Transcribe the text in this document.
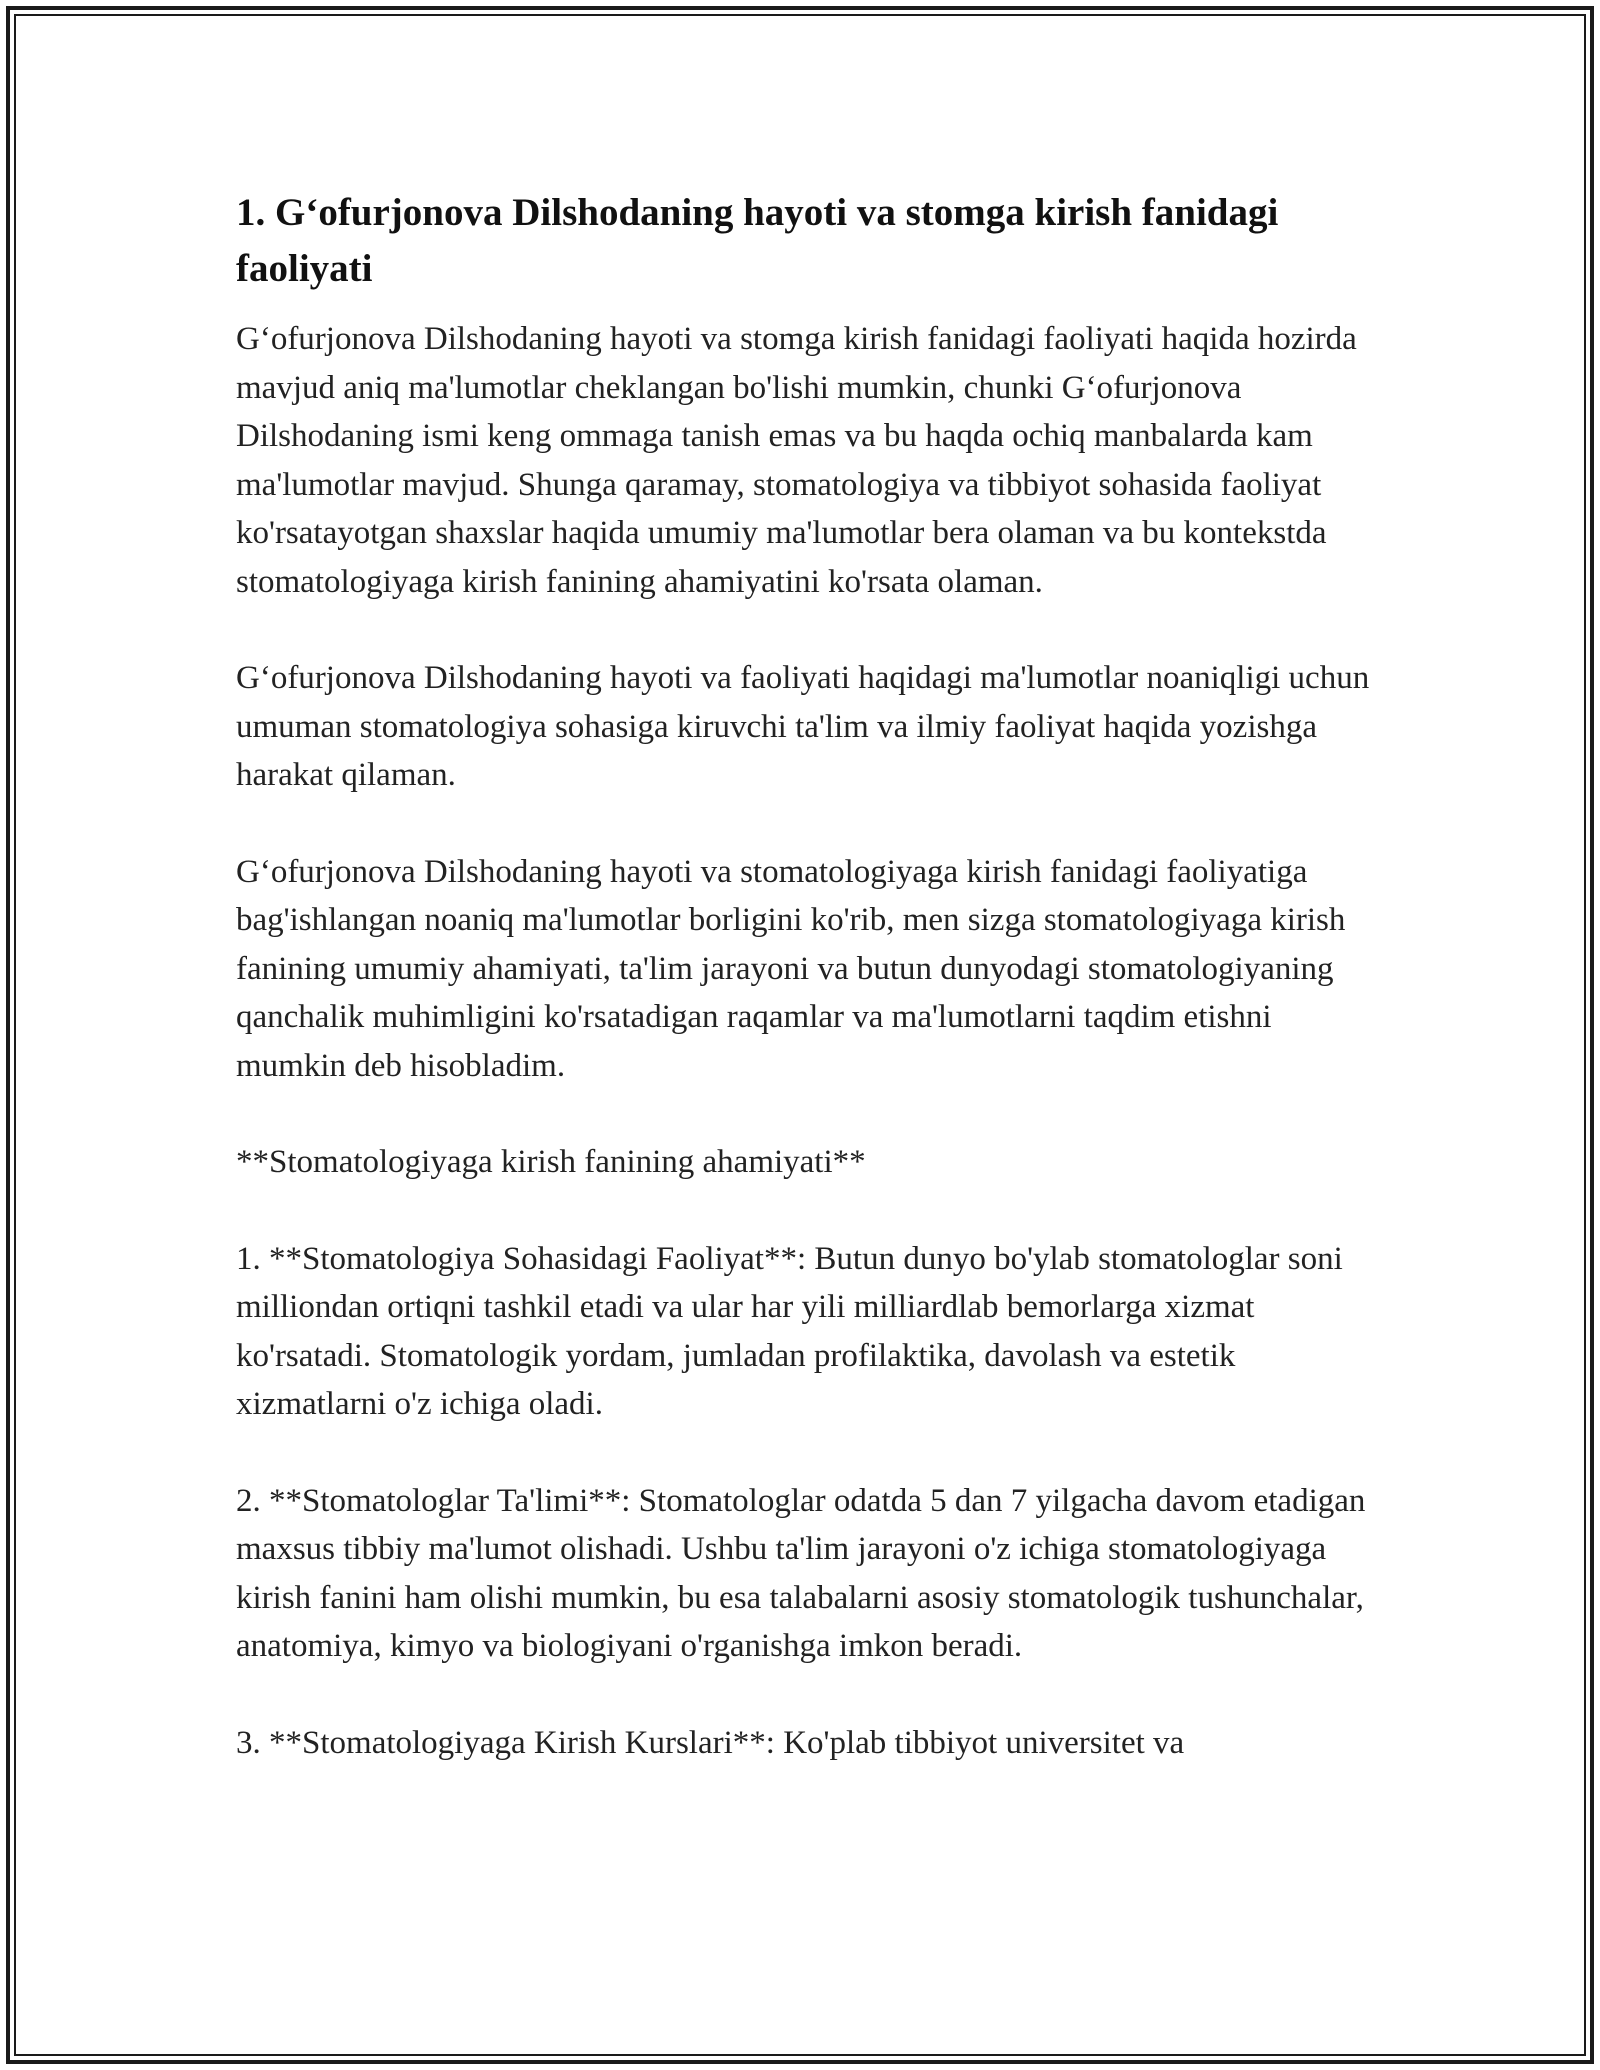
1. G‘ofurjonova Dilshodaning hayoti va stomga kirish fanidagi faoliyati

G‘ofurjonova Dilshodaning hayoti va stomga kirish fanidagi faoliyati haqida hozirda mavjud aniq ma'lumotlar cheklangan bo'lishi mumkin, chunki G‘ofurjonova Dilshodaning ismi keng ommaga tanish emas va bu haqda ochiq manbalarda kam ma'lumotlar mavjud. Shunga qaramay, stomatologiya va tibbiyot sohasida faoliyat ko'rsatayotgan shaxslar haqida umumiy ma'lumotlar bera olaman va bu kontekstda stomatologiyaga kirish fanining ahamiyatini ko'rsata olaman.

G‘ofurjonova Dilshodaning hayoti va faoliyati haqidagi ma'lumotlar noaniqligi uchun umuman stomatologiya sohasiga kiruvchi ta'lim va ilmiy faoliyat haqida yozishga harakat qilaman.

G‘ofurjonova Dilshodaning hayoti va stomatologiyaga kirish fanidagi faoliyatiga bag'ishlangan noaniq ma'lumotlar borligini ko'rib, men sizga stomatologiyaga kirish fanining umumiy ahamiyati, ta'lim jarayoni va butun dunyodagi stomatologiyaning qanchalik muhimligini ko'rsatadigan raqamlar va ma'lumotlarni taqdim etishni mumkin deb hisobladim.

**Stomatologiyaga kirish fanining ahamiyati**

1. **Stomatologiya Sohasidagi Faoliyat**: Butun dunyo bo'ylab stomatologlar soni milliondan ortiqni tashkil etadi va ular har yili milliardlab bemorlarga xizmat ko'rsatadi. Stomatologik yordam, jumladan profilaktika, davolash va estetik xizmatlarni o'z ichiga oladi.

2. **Stomatologlar Ta'limi**: Stomatologlar odatda 5 dan 7 yilgacha davom etadigan maxsus tibbiy ma'lumot olishadi. Ushbu ta'lim jarayoni o'z ichiga stomatologiyaga kirish fanini ham olishi mumkin, bu esa talabalarni asosiy stomatologik tushunchalar, anatomiya, kimyo va biologiyani o'rganishga imkon beradi.

3. **Stomatologiyaga Kirish Kurslari**: Ko'plab tibbiyot universitet va
